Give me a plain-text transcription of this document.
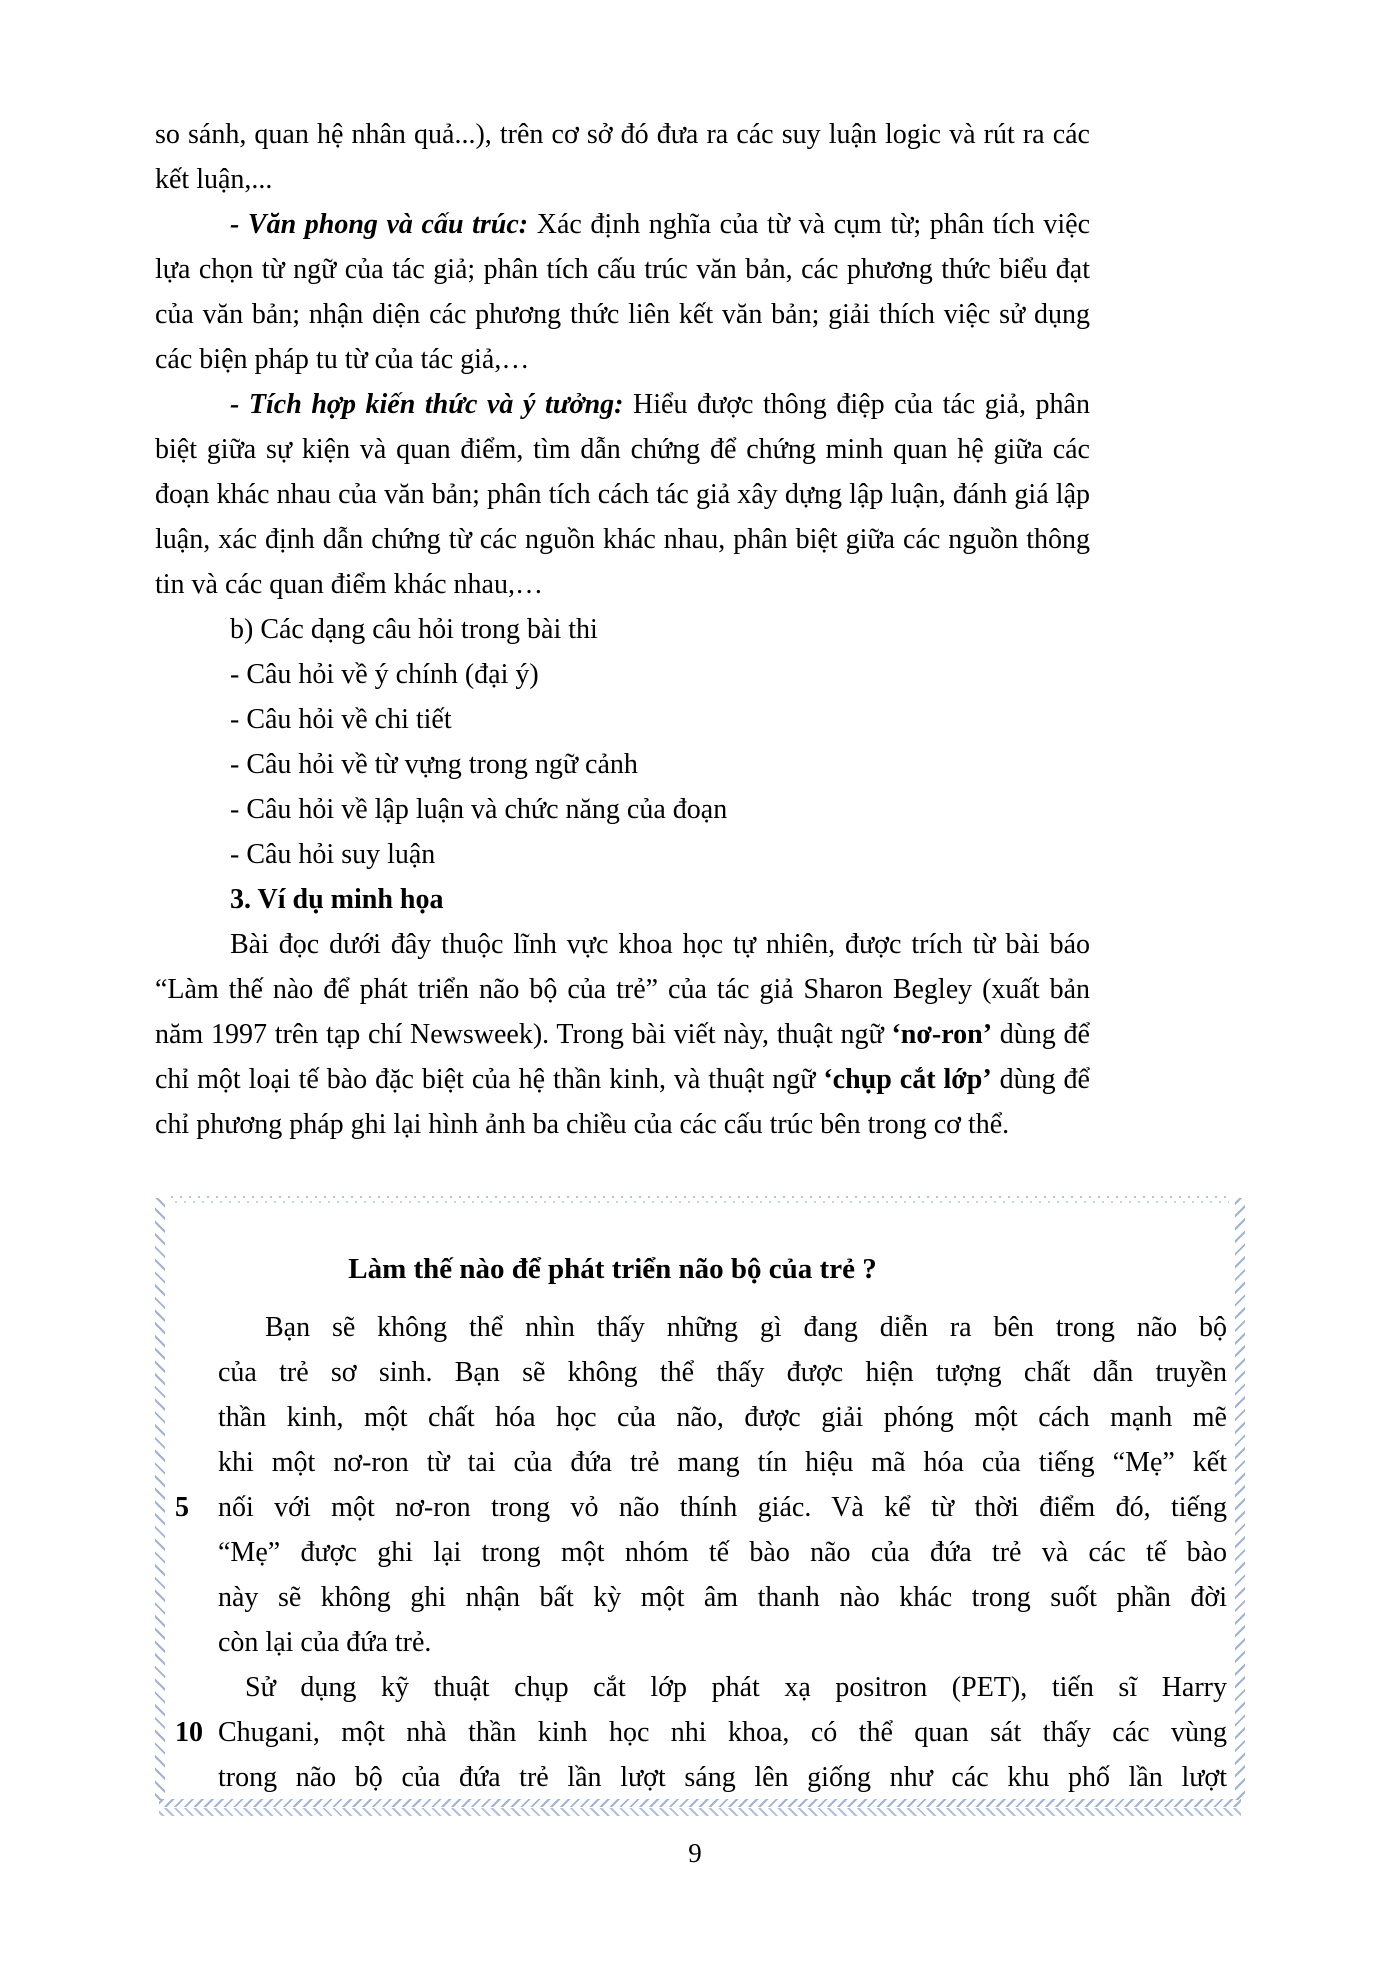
so sánh, quan hệ nhân quả...), trên cơ sở đó đưa ra các suy luận logic và rút ra các kết luận,...

- Văn phong và cấu trúc: Xác định nghĩa của từ và cụm từ; phân tích việc lựa chọn từ ngữ của tác giả; phân tích cấu trúc văn bản, các phương thức biểu đạt của văn bản; nhận diện các phương thức liên kết văn bản; giải thích việc sử dụng các biện pháp tu từ của tác giả,…

- Tích hợp kiến thức và ý tưởng: Hiểu được thông điệp của tác giả, phân biệt giữa sự kiện và quan điểm, tìm dẫn chứng để chứng minh quan hệ giữa các đoạn khác nhau của văn bản; phân tích cách tác giả xây dựng lập luận, đánh giá lập luận, xác định dẫn chứng từ các nguồn khác nhau, phân biệt giữa các nguồn thông tin và các quan điểm khác nhau,…

b) Các dạng câu hỏi trong bài thi

- Câu hỏi về ý chính (đại ý)

- Câu hỏi về chi tiết

- Câu hỏi về từ vựng trong ngữ cảnh

- Câu hỏi về lập luận và chức năng của đoạn

- Câu hỏi suy luận

3. Ví dụ minh họa

Bài đọc dưới đây thuộc lĩnh vực khoa học tự nhiên, được trích từ bài báo “Làm thế nào để phát triển não bộ của trẻ” của tác giả Sharon Begley (xuất bản năm 1997 trên tạp chí Newsweek). Trong bài viết này, thuật ngữ ‘nơ-ron’ dùng để chỉ một loại tế bào đặc biệt của hệ thần kinh, và thuật ngữ ‘chụp cắt lớp’ dùng để chỉ phương pháp ghi lại hình ảnh ba chiều của các cấu trúc bên trong cơ thể.

Làm thế nào để phát triển não bộ của trẻ ?
Bạn sẽ không thể nhìn thấy những gì đang diễn ra bên trong não bộ
của trẻ sơ sinh. Bạn sẽ không thể thấy được hiện tượng chất dẫn truyền
thần kinh, một chất hóa học của não, được giải phóng một cách mạnh mẽ
khi một nơ-ron từ tai của đứa trẻ mang tín hiệu mã hóa của tiếng “Mẹ” kết
5	nối với một nơ-ron trong vỏ não thính giác. Và kể từ thời điểm đó, tiếng
“Mẹ” được ghi lại trong một nhóm tế bào não của đứa trẻ và các tế bào
này sẽ không ghi nhận bất kỳ một âm thanh nào khác trong suốt phần đời
còn lại của đứa trẻ.
Sử dụng kỹ thuật chụp cắt lớp phát xạ positron (PET), tiến sĩ Harry
10 Chugani, một nhà thần kinh học nhi khoa, có thể quan sát thấy các vùng
trong não bộ của đứa trẻ lần lượt sáng lên giống như các khu phố lần lượt
9
